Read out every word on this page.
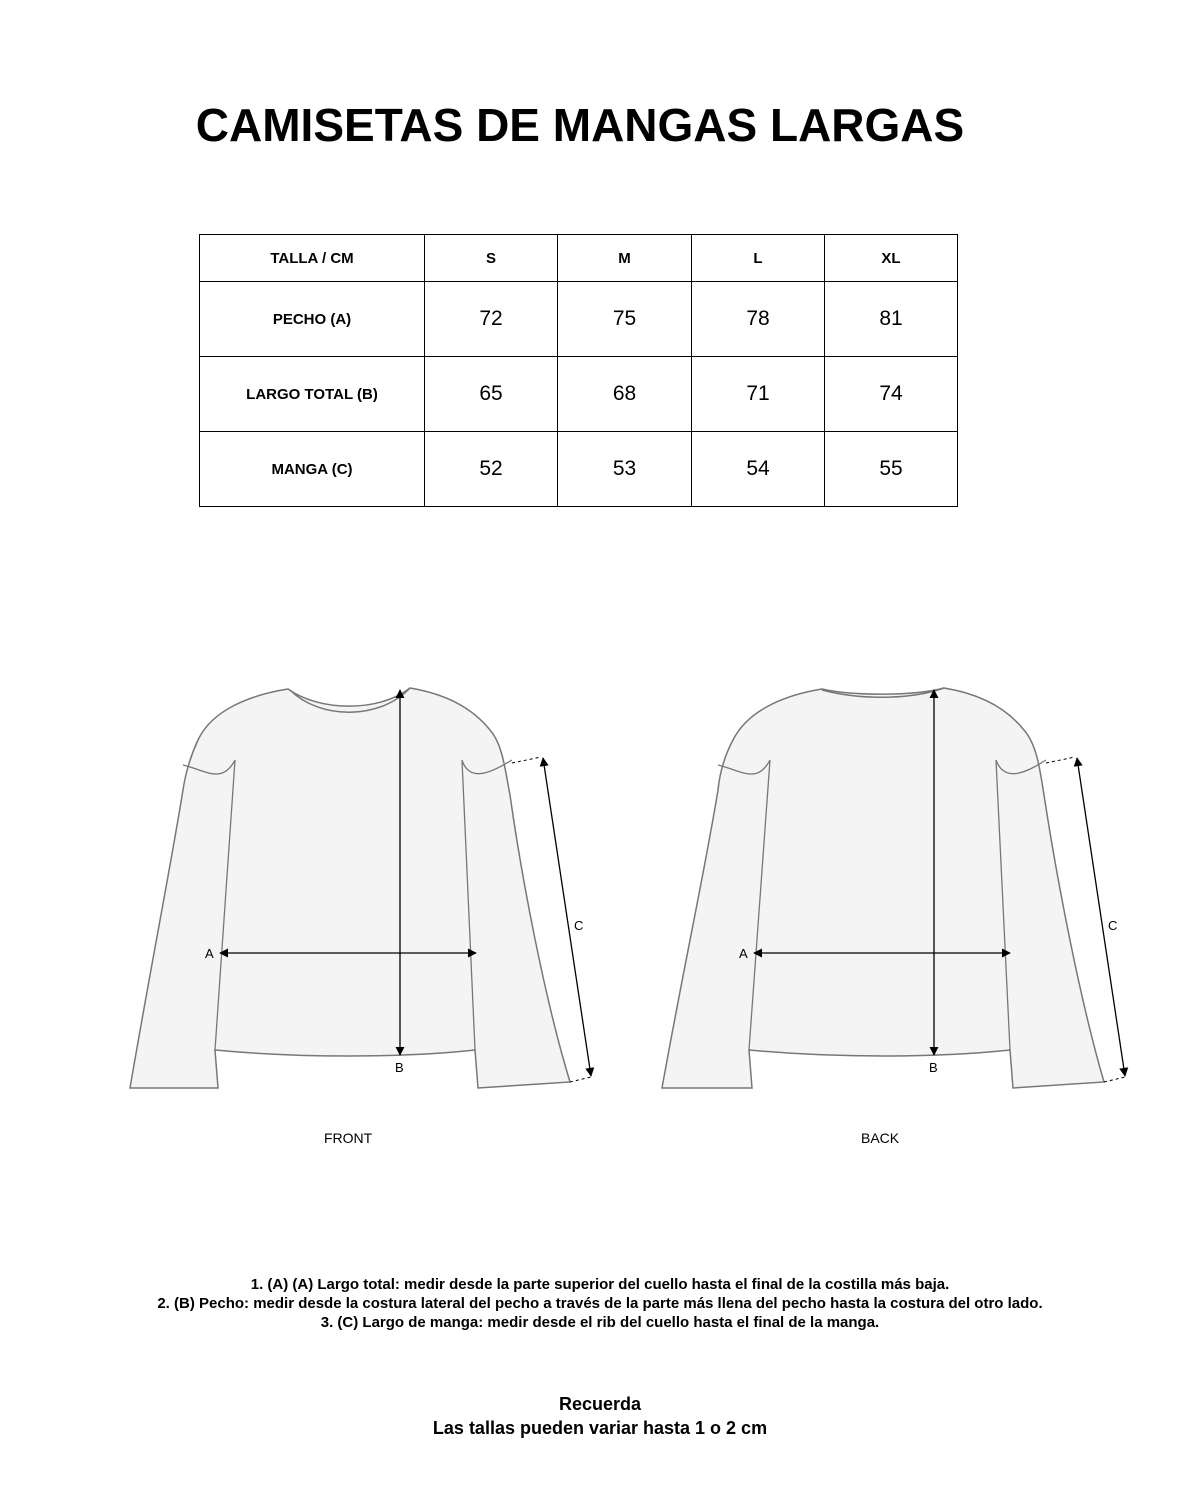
CAMISETAS DE MANGAS LARGAS
TALLA / CM	S	M	L	XL
PECHO (A)	72	75	78	81
LARGO TOTAL (B)	65	68	71	74
MANGA (C)	52	53	54	55
A
B
C
A
B
C
FRONT	BACK
1. (A) (A) Largo total: medir desde la parte superior del cuello hasta el final de la costilla más baja.
2. (B) Pecho: medir desde la costura lateral del pecho a través de la parte más llena del pecho hasta la costura del otro lado.
3. (C) Largo de manga: medir desde el rib del cuello hasta el final de la manga.
Recuerda
Las tallas pueden variar hasta 1 o 2 cm
